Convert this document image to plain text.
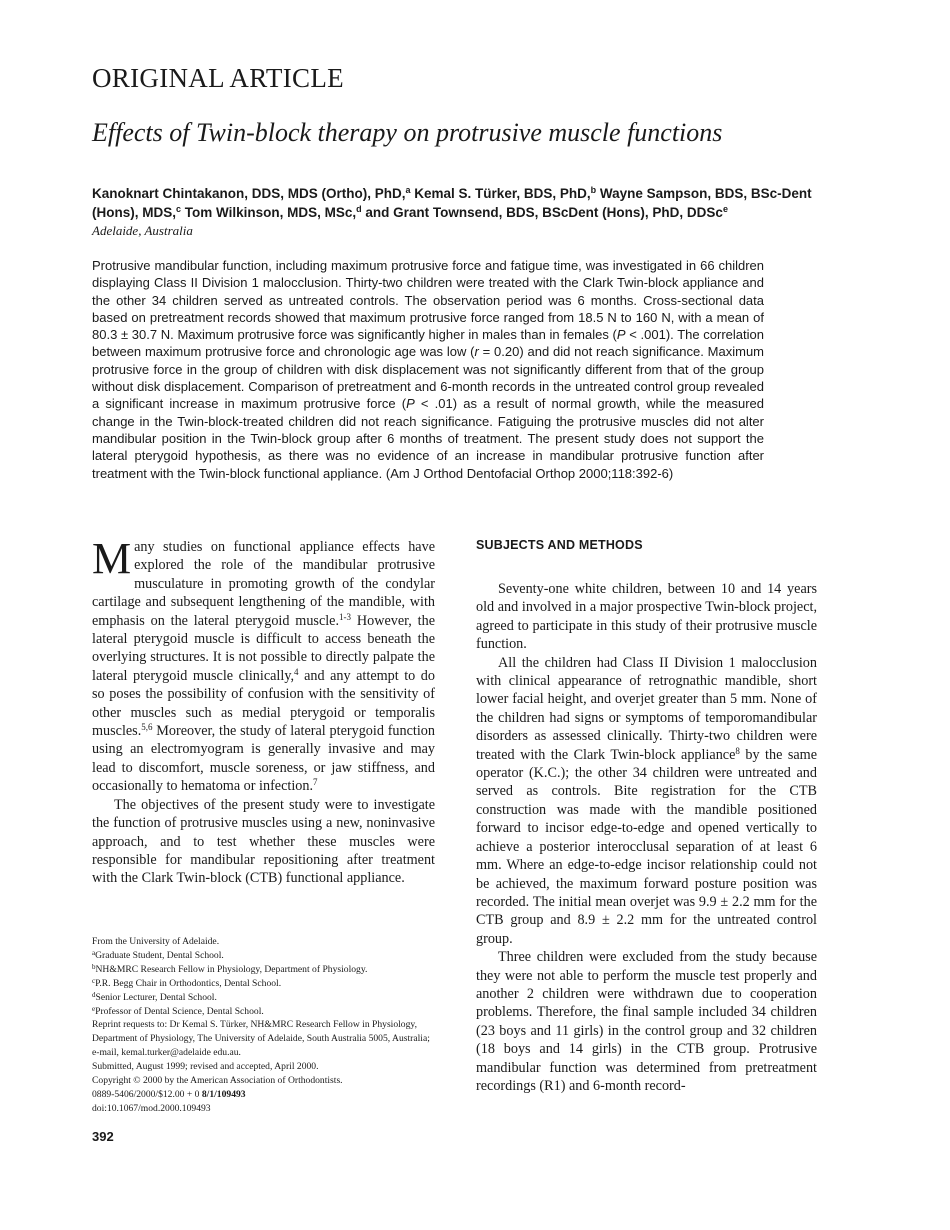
ORIGINAL ARTICLE
Effects of Twin-block therapy on protrusive muscle functions

Kanoknart Chintakanon, DDS, MDS (Ortho), PhD,$^a$ Kemal S. Türker, BDS, PhD,$^b$ Wayne Sampson, BDS, BSc-Dent (Hons), MDS,$^c$ Tom Wilkinson, MDS, MSc,$^d$ and Grant Townsend, BDS, BScDent (Hons), PhD, DDSc$^e$

Adelaide, Australia

Protrusive mandibular function, including maximum protrusive force and fatigue time, was investigated in 66 children displaying Class II Division 1 malocclusion. Thirty-two children were treated with the Clark Twin-block appliance and the other 34 children served as untreated controls. The observation period was 6 months. Cross-sectional data based on pretreatment records showed that maximum protrusive force ranged from 18.5 N to 160 N, with a mean of 80.3 ± 30.7 N. Maximum protrusive force was significantly higher in males than in females (P < .001). The correlation between maximum protrusive force and chronologic age was low (r = 0.20) and did not reach significance. Maximum protrusive force in the group of children with disk displacement was not significantly different from that of the group without disk displacement. Comparison of pretreatment and 6-month records in the untreated control group revealed a significant increase in maximum protrusive force (P < .01) as a result of normal growth, while the measured change in the Twin-block-treated children did not reach significance. Fatiguing the protrusive muscles did not alter mandibular position in the Twin-block group after 6 months of treatment. The present study does not support the lateral pterygoid hypothesis, as there was no evidence of an increase in mandibular protrusive function after treatment with the Twin-block functional appliance. (Am J Orthod Dentofacial Orthop 2000;118:392-6)

Many studies on functional appliance effects have explored the role of the mandibular protrusive musculature in promoting growth of the condylar cartilage and subsequent lengthening of the mandible, with emphasis on the lateral pterygoid muscle.$^{1-3}$ However, the lateral pterygoid muscle is difficult to access beneath the overlying structures. It is not possible to directly palpate the lateral pterygoid muscle clinically,$^4$ and any attempt to do so poses the possibility of confusion with the sensitivity of other muscles such as medial pterygoid or temporalis muscles.$^{5,6}$ Moreover, the study of lateral pterygoid function using an electromyogram is generally invasive and may lead to discomfort, muscle soreness, or jaw stiffness, and occasionally to hematoma or infection.$^7$

The objectives of the present study were to investigate the function of protrusive muscles using a new, noninvasive approach, and to test whether these muscles were responsible for mandibular repositioning after treatment with the Clark Twin-block (CTB) functional appliance.

From the University of Adelaide.
$^a$Graduate Student, Dental School.
$^b$NH&MRC Research Fellow in Physiology, Department of Physiology.
$^c$P.R. Begg Chair in Orthodontics, Dental School.
$^d$Senior Lecturer, Dental School.
$^e$Professor of Dental Science, Dental School.
Reprint requests to: Dr Kemal S. Türker, NH&MRC Research Fellow in Physiology, Department of Physiology, The University of Adelaide, South Australia 5005, Australia; e-mail, kemal.turker@adelaide edu.au.
Submitted, August 1999; revised and accepted, April 2000.
Copyright © 2000 by the American Association of Orthodontists.
0889-5406/2000/$12.00 + 0 8/1/109493
doi:10.1067/mod.2000.109493
SUBJECTS AND METHODS

Seventy-one white children, between 10 and 14 years old and involved in a major prospective Twin-block project, agreed to participate in this study of their protrusive muscle function.

All the children had Class II Division 1 malocclusion with clinical appearance of retrognathic mandible, short lower facial height, and overjet greater than 5 mm. None of the children had signs or symptoms of temporomandibular disorders as assessed clinically. Thirty-two children were treated with the Clark Twin-block appliance$^8$ by the same operator (K.C.); the other 34 children were untreated and served as controls. Bite registration for the CTB construction was made with the mandible positioned forward to incisor edge-to-edge and opened vertically to achieve a posterior interocclusal separation of at least 6 mm. Where an edge-to-edge incisor relationship could not be achieved, the maximum forward posture position was recorded. The initial mean overjet was 9.9 ± 2.2 mm for the CTB group and 8.9 ± 2.2 mm for the untreated control group.

Three children were excluded from the study because they were not able to perform the muscle test properly and another 2 children were withdrawn due to cooperation problems. Therefore, the final sample included 34 children (23 boys and 11 girls) in the control group and 32 children (18 boys and 14 girls) in the CTB group. Protrusive mandibular function was determined from pretreatment recordings (R1) and 6-month record-

392
